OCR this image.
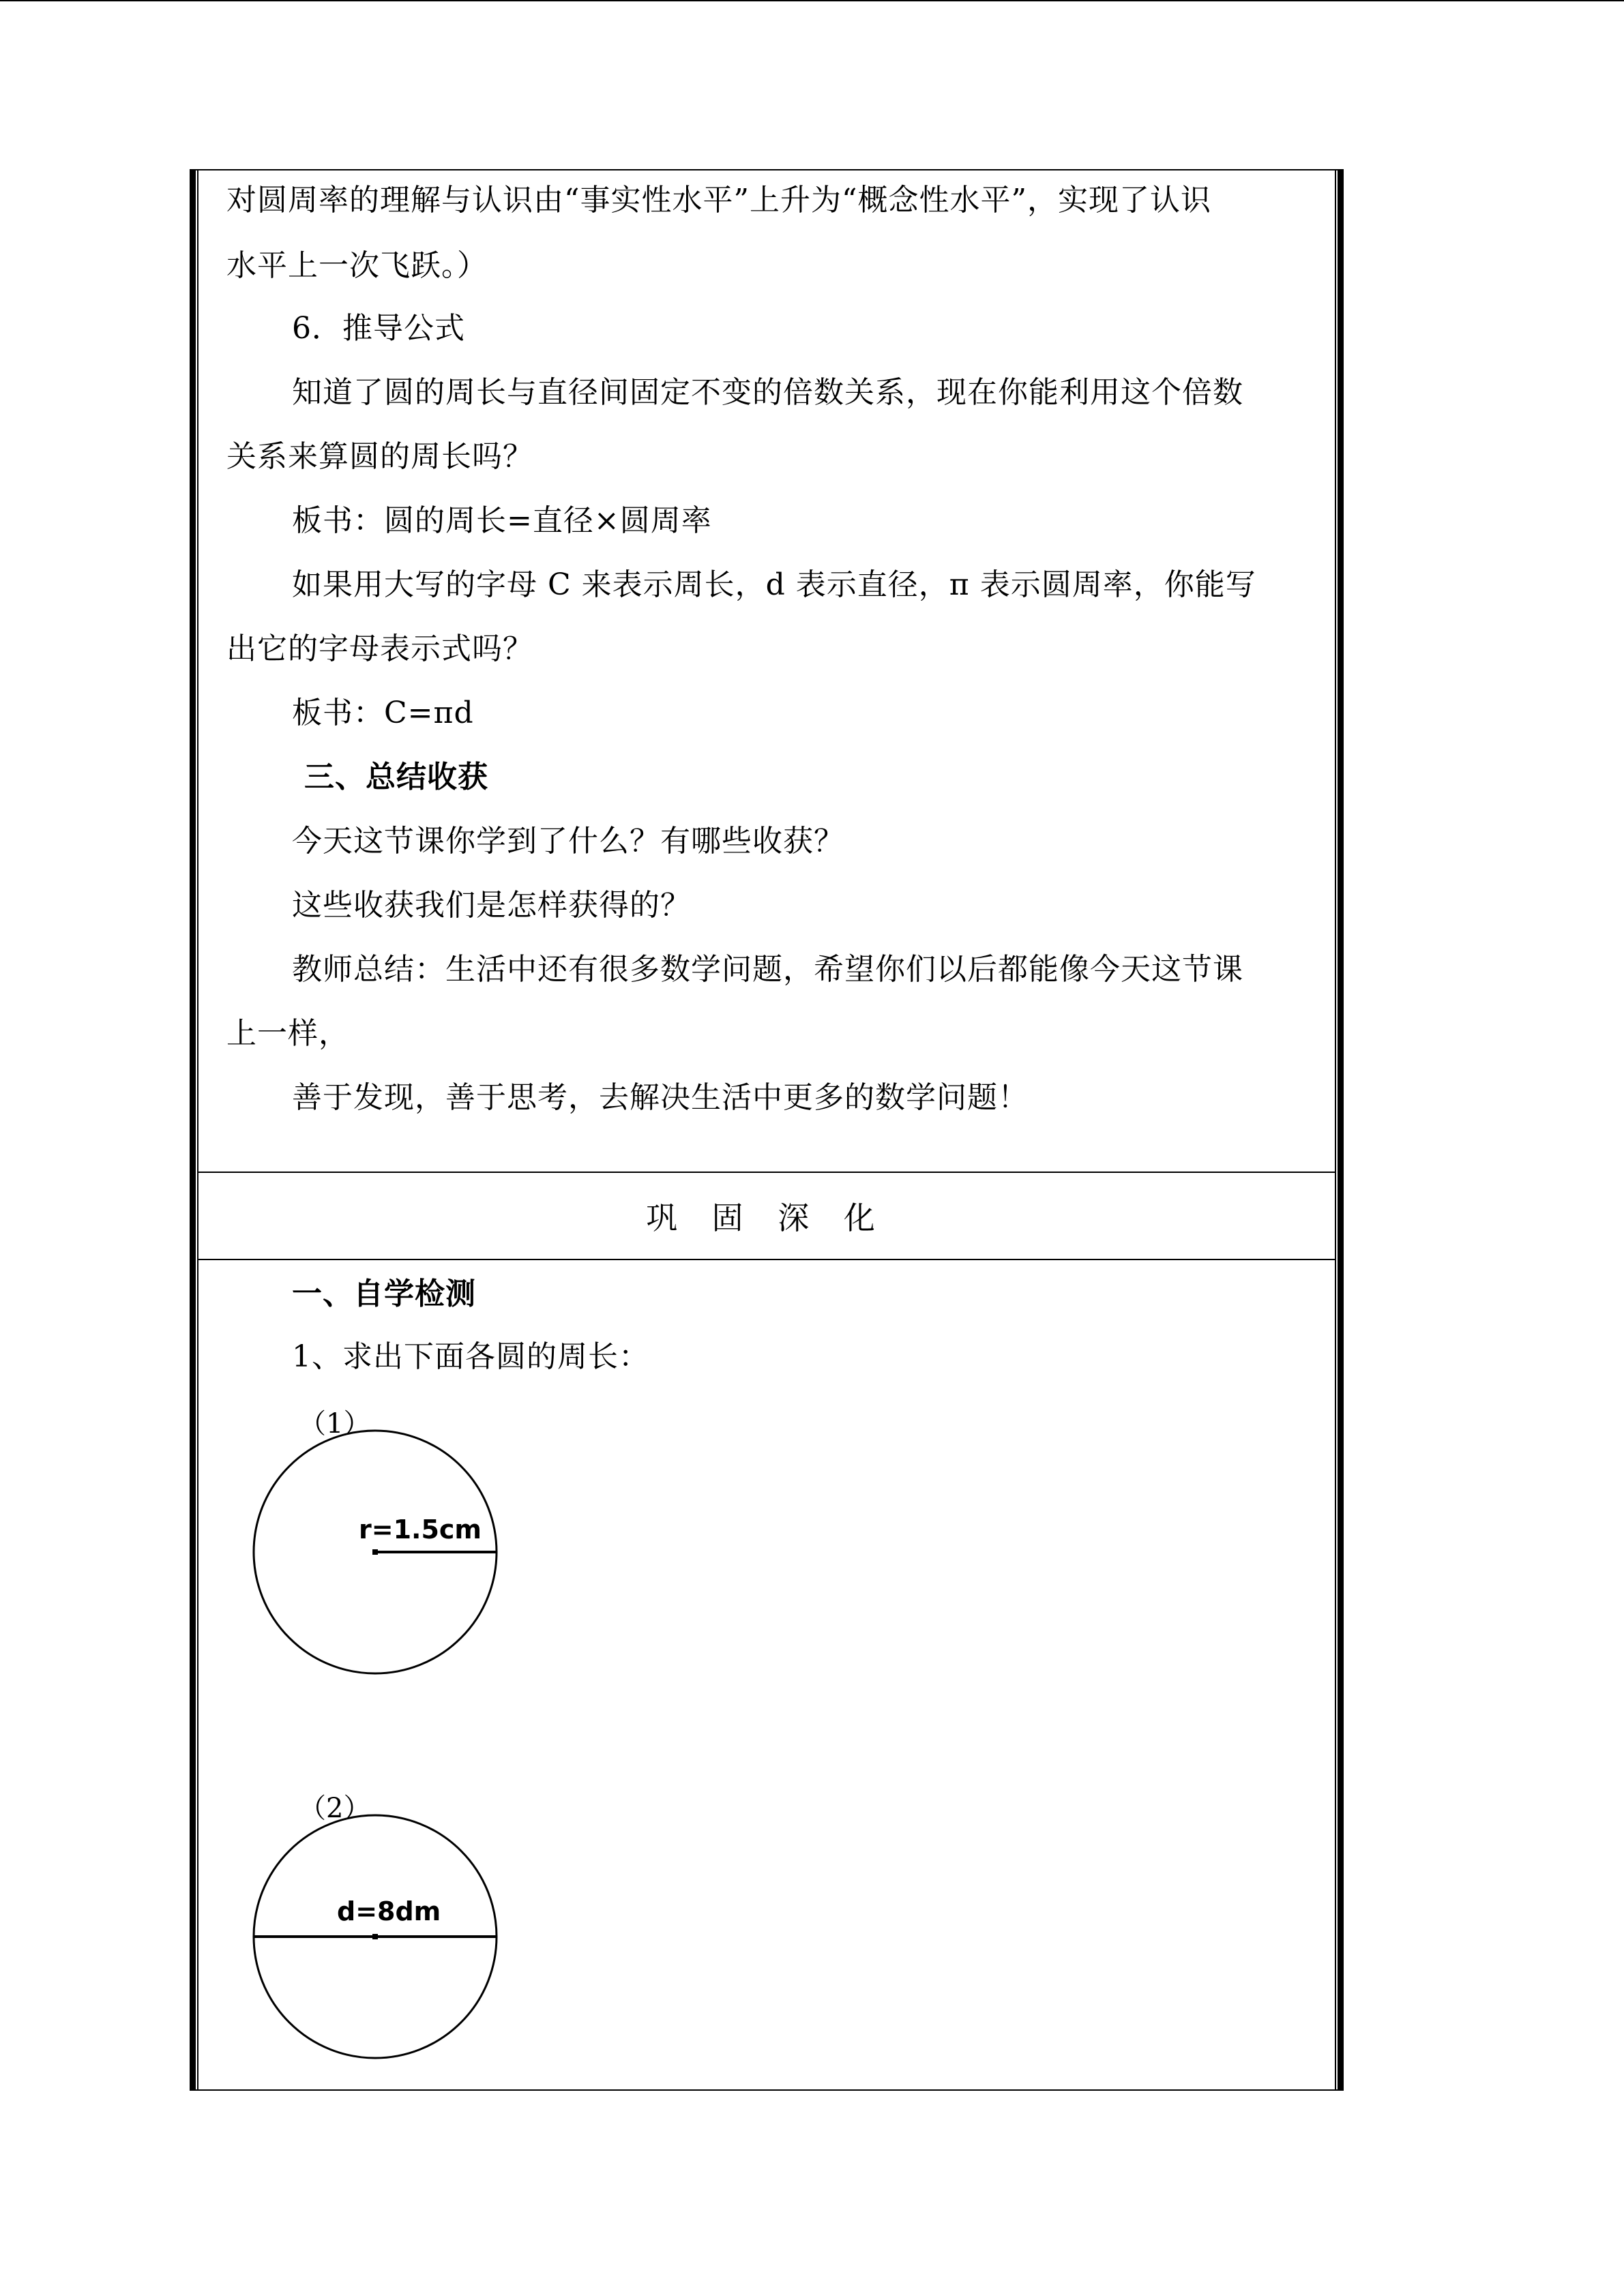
对圆周率的理解与认识由“事实性水平”上升为“概念性水平”，实现了认识
水平上一次飞跃。）
6．推导公式
知道了圆的周长与直径间固定不变的倍数关系，现在你能利用这个倍数
关系来算圆的周长吗？
板书：圆的周长=直径×圆周率
如果用大写的字母 C 来表示周长，d 表示直径，π 表示圆周率，你能写
出它的字母表示式吗？
板书：C=πd
三、总结收获
今天这节课你学到了什么？有哪些收获？
这些收获我们是怎样获得的？
教师总结：生活中还有很多数学问题，希望你们以后都能像今天这节课
上一样，
善于发现，善于思考，去解决生活中更多的数学问题！
巩 固 深 化
一、自学检测
1、求出下面各圆的周长：
（1）
r=1.5cm
（2）
d=8dm
